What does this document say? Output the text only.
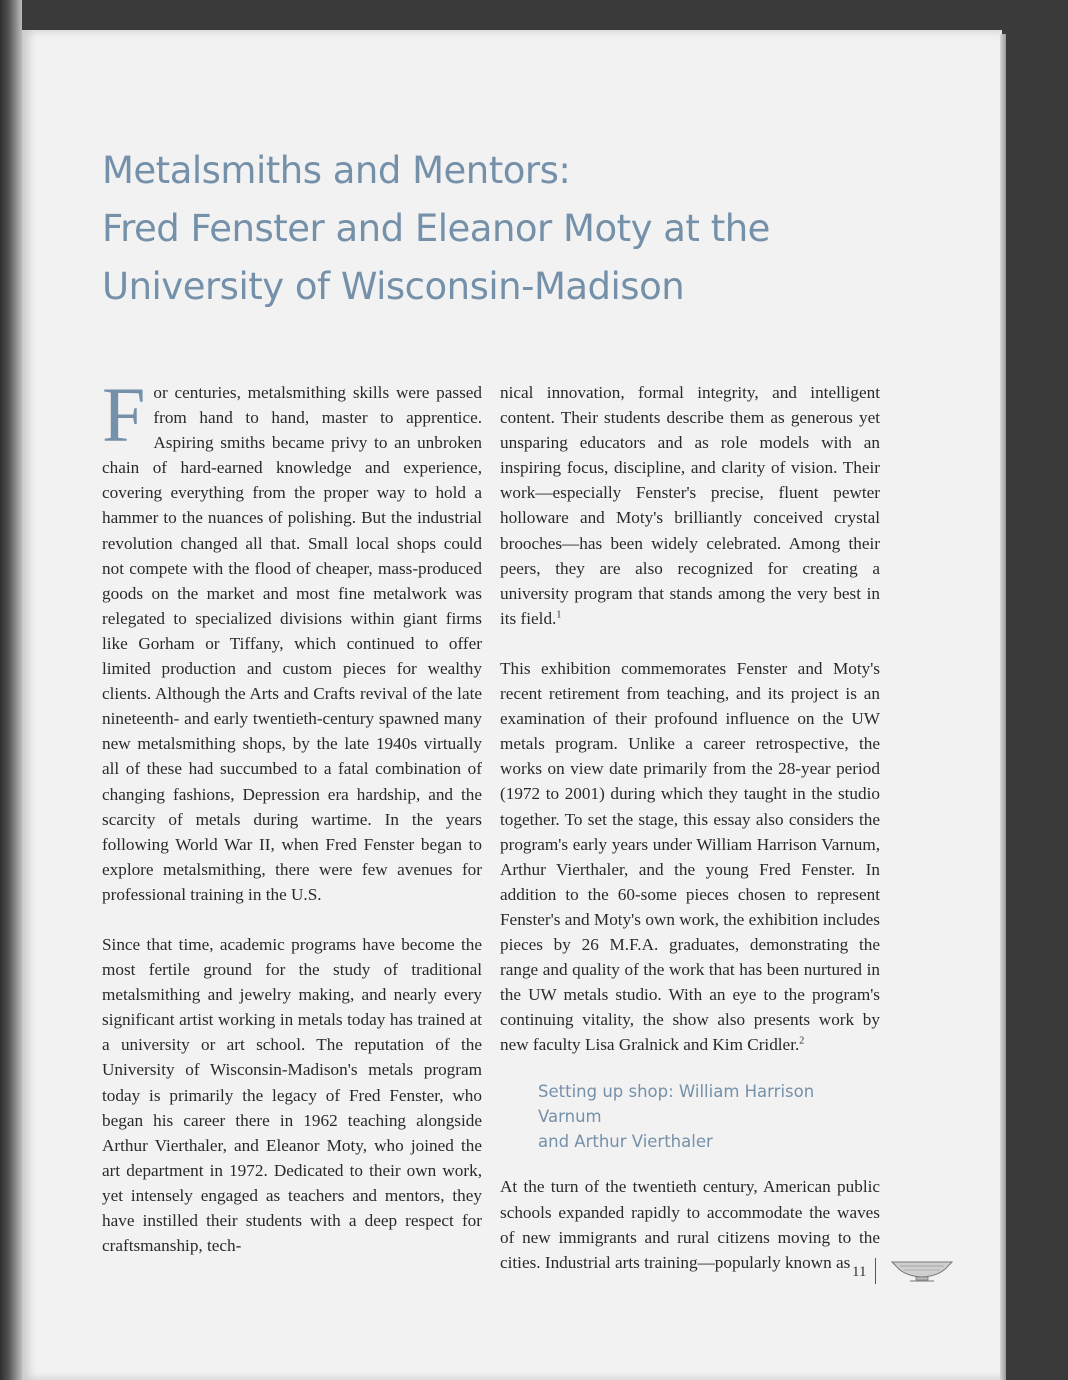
Metalsmiths and Mentors:
Fred Fenster and Eleanor Moty at the
University of Wisconsin-Madison

For centuries, metalsmithing skills were passed from hand to hand, master to apprentice. Aspiring smiths became privy to an unbroken chain of hard-earned knowledge and experience, covering everything from the proper way to hold a hammer to the nuances of polishing. But the industrial revolution changed all that. Small local shops could not compete with the flood of cheaper, mass-produced goods on the market and most fine metalwork was relegated to specialized divisions within giant firms like Gorham or Tiffany, which continued to offer limited production and custom pieces for wealthy clients. Although the Arts and Crafts revival of the late nineteenth- and early twentieth-century spawned many new metalsmithing shops, by the late 1940s virtually all of these had succumbed to a fatal combination of changing fashions, Depression era hardship, and the scarcity of metals during wartime. In the years following World War II, when Fred Fenster began to explore metalsmithing, there were few avenues for professional training in the U.S.

Since that time, academic programs have become the most fertile ground for the study of traditional metalsmithing and jewelry making, and nearly every significant artist working in metals today has trained at a university or art school. The reputation of the University of Wisconsin-Madison's metals program today is primarily the legacy of Fred Fenster, who began his career there in 1962 teaching alongside Arthur Vierthaler, and Eleanor Moty, who joined the art department in 1972. Dedicated to their own work, yet intensely engaged as teachers and mentors, they have instilled their students with a deep respect for craftsmanship, tech-

nical innovation, formal integrity, and intelligent content. Their students describe them as generous yet unsparing educators and as role models with an inspiring focus, discipline, and clarity of vision. Their work—especially Fenster's precise, fluent pewter holloware and Moty's brilliantly conceived crystal brooches—has been widely celebrated. Among their peers, they are also recognized for creating a university program that stands among the very best in its field.$^1$

This exhibition commemorates Fenster and Moty's recent retirement from teaching, and its project is an examination of their profound influence on the UW metals program. Unlike a career retrospective, the works on view date primarily from the 28-year period (1972 to 2001) during which they taught in the studio together. To set the stage, this essay also considers the program's early years under William Harrison Varnum, Arthur Vierthaler, and the young Fred Fenster. In addition to the 60-some pieces chosen to represent Fenster's and Moty's own work, the exhibition includes pieces by 26 M.F.A. graduates, demonstrating the range and quality of the work that has been nurtured in the UW metals studio. With an eye to the program's continuing vitality, the show also presents work by new faculty Lisa Gralnick and Kim Cridler.$^2$

Setting up shop: William Harrison Varnum
and Arthur Vierthaler

At the turn of the twentieth century, American public schools expanded rapidly to accommodate the waves of new immigrants and rural citizens moving to the cities. Industrial arts training—popularly known as

11
